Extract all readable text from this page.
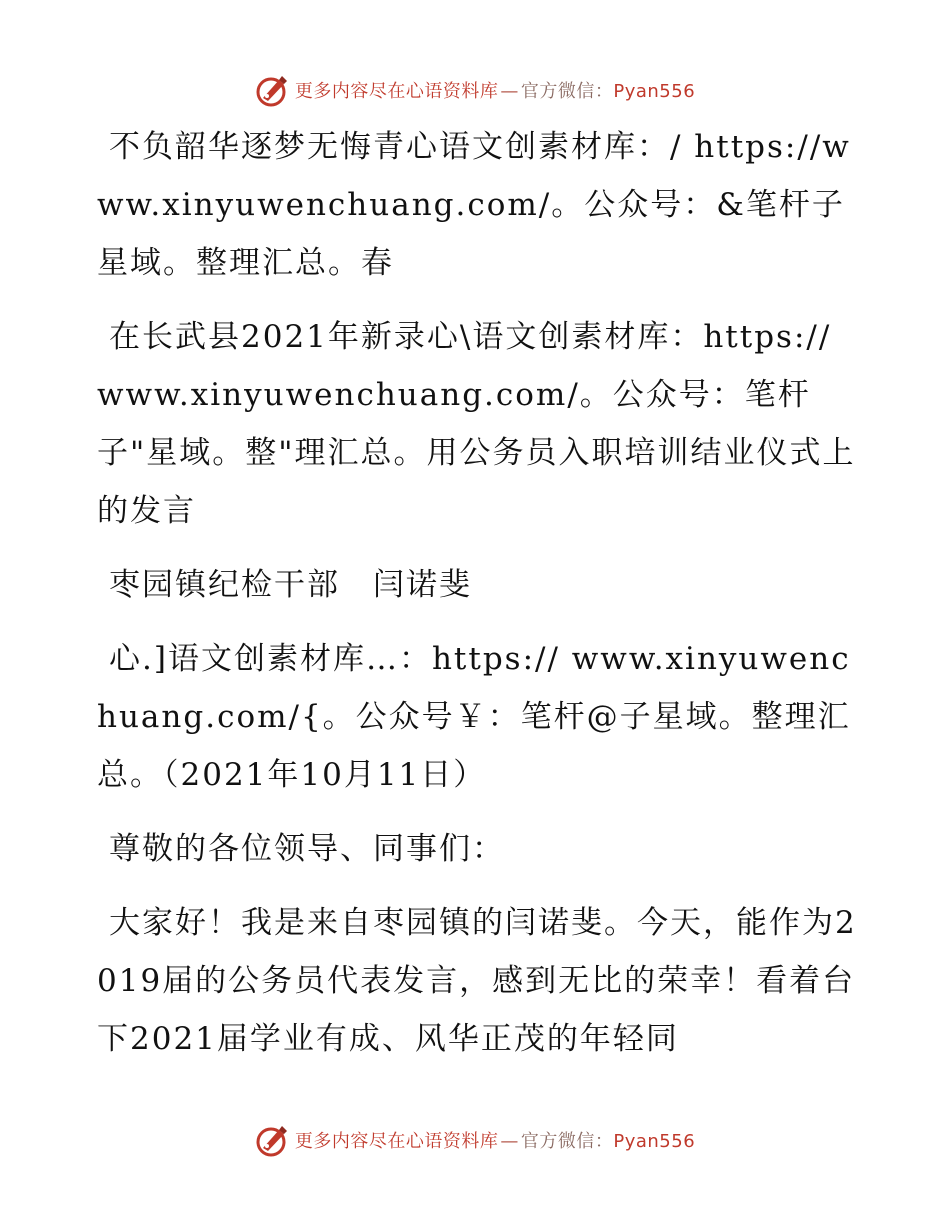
更多内容尽在心语资料库 — 官方微信：Pyan556

不负韶华逐梦无悔青心语文创素材库：/ https://www.xinyuwenchuang.com/。公众号：&笔杆子星域。整理汇总。春

在长武县2021年新录心\语文创素材库：https://www.xinyuwenchuang.com/。公众号：笔杆子"星域。整"理汇总。用公务员入职培训结业仪式上的发言

枣园镇纪检干部　闫诺斐

心.]语文创素材库…：https:// www.xinyuwenchuang.com/{。公众号￥：笔杆@子星域。整理汇总。（2021年10月11日）

尊敬的各位领导、同事们：

大家好！我是来自枣园镇的闫诺斐。今天，能作为2019届的公务员代表发言，感到无比的荣幸！看着台下2021届学业有成、风华正茂的年轻同

更多内容尽在心语资料库 — 官方微信：Pyan556
